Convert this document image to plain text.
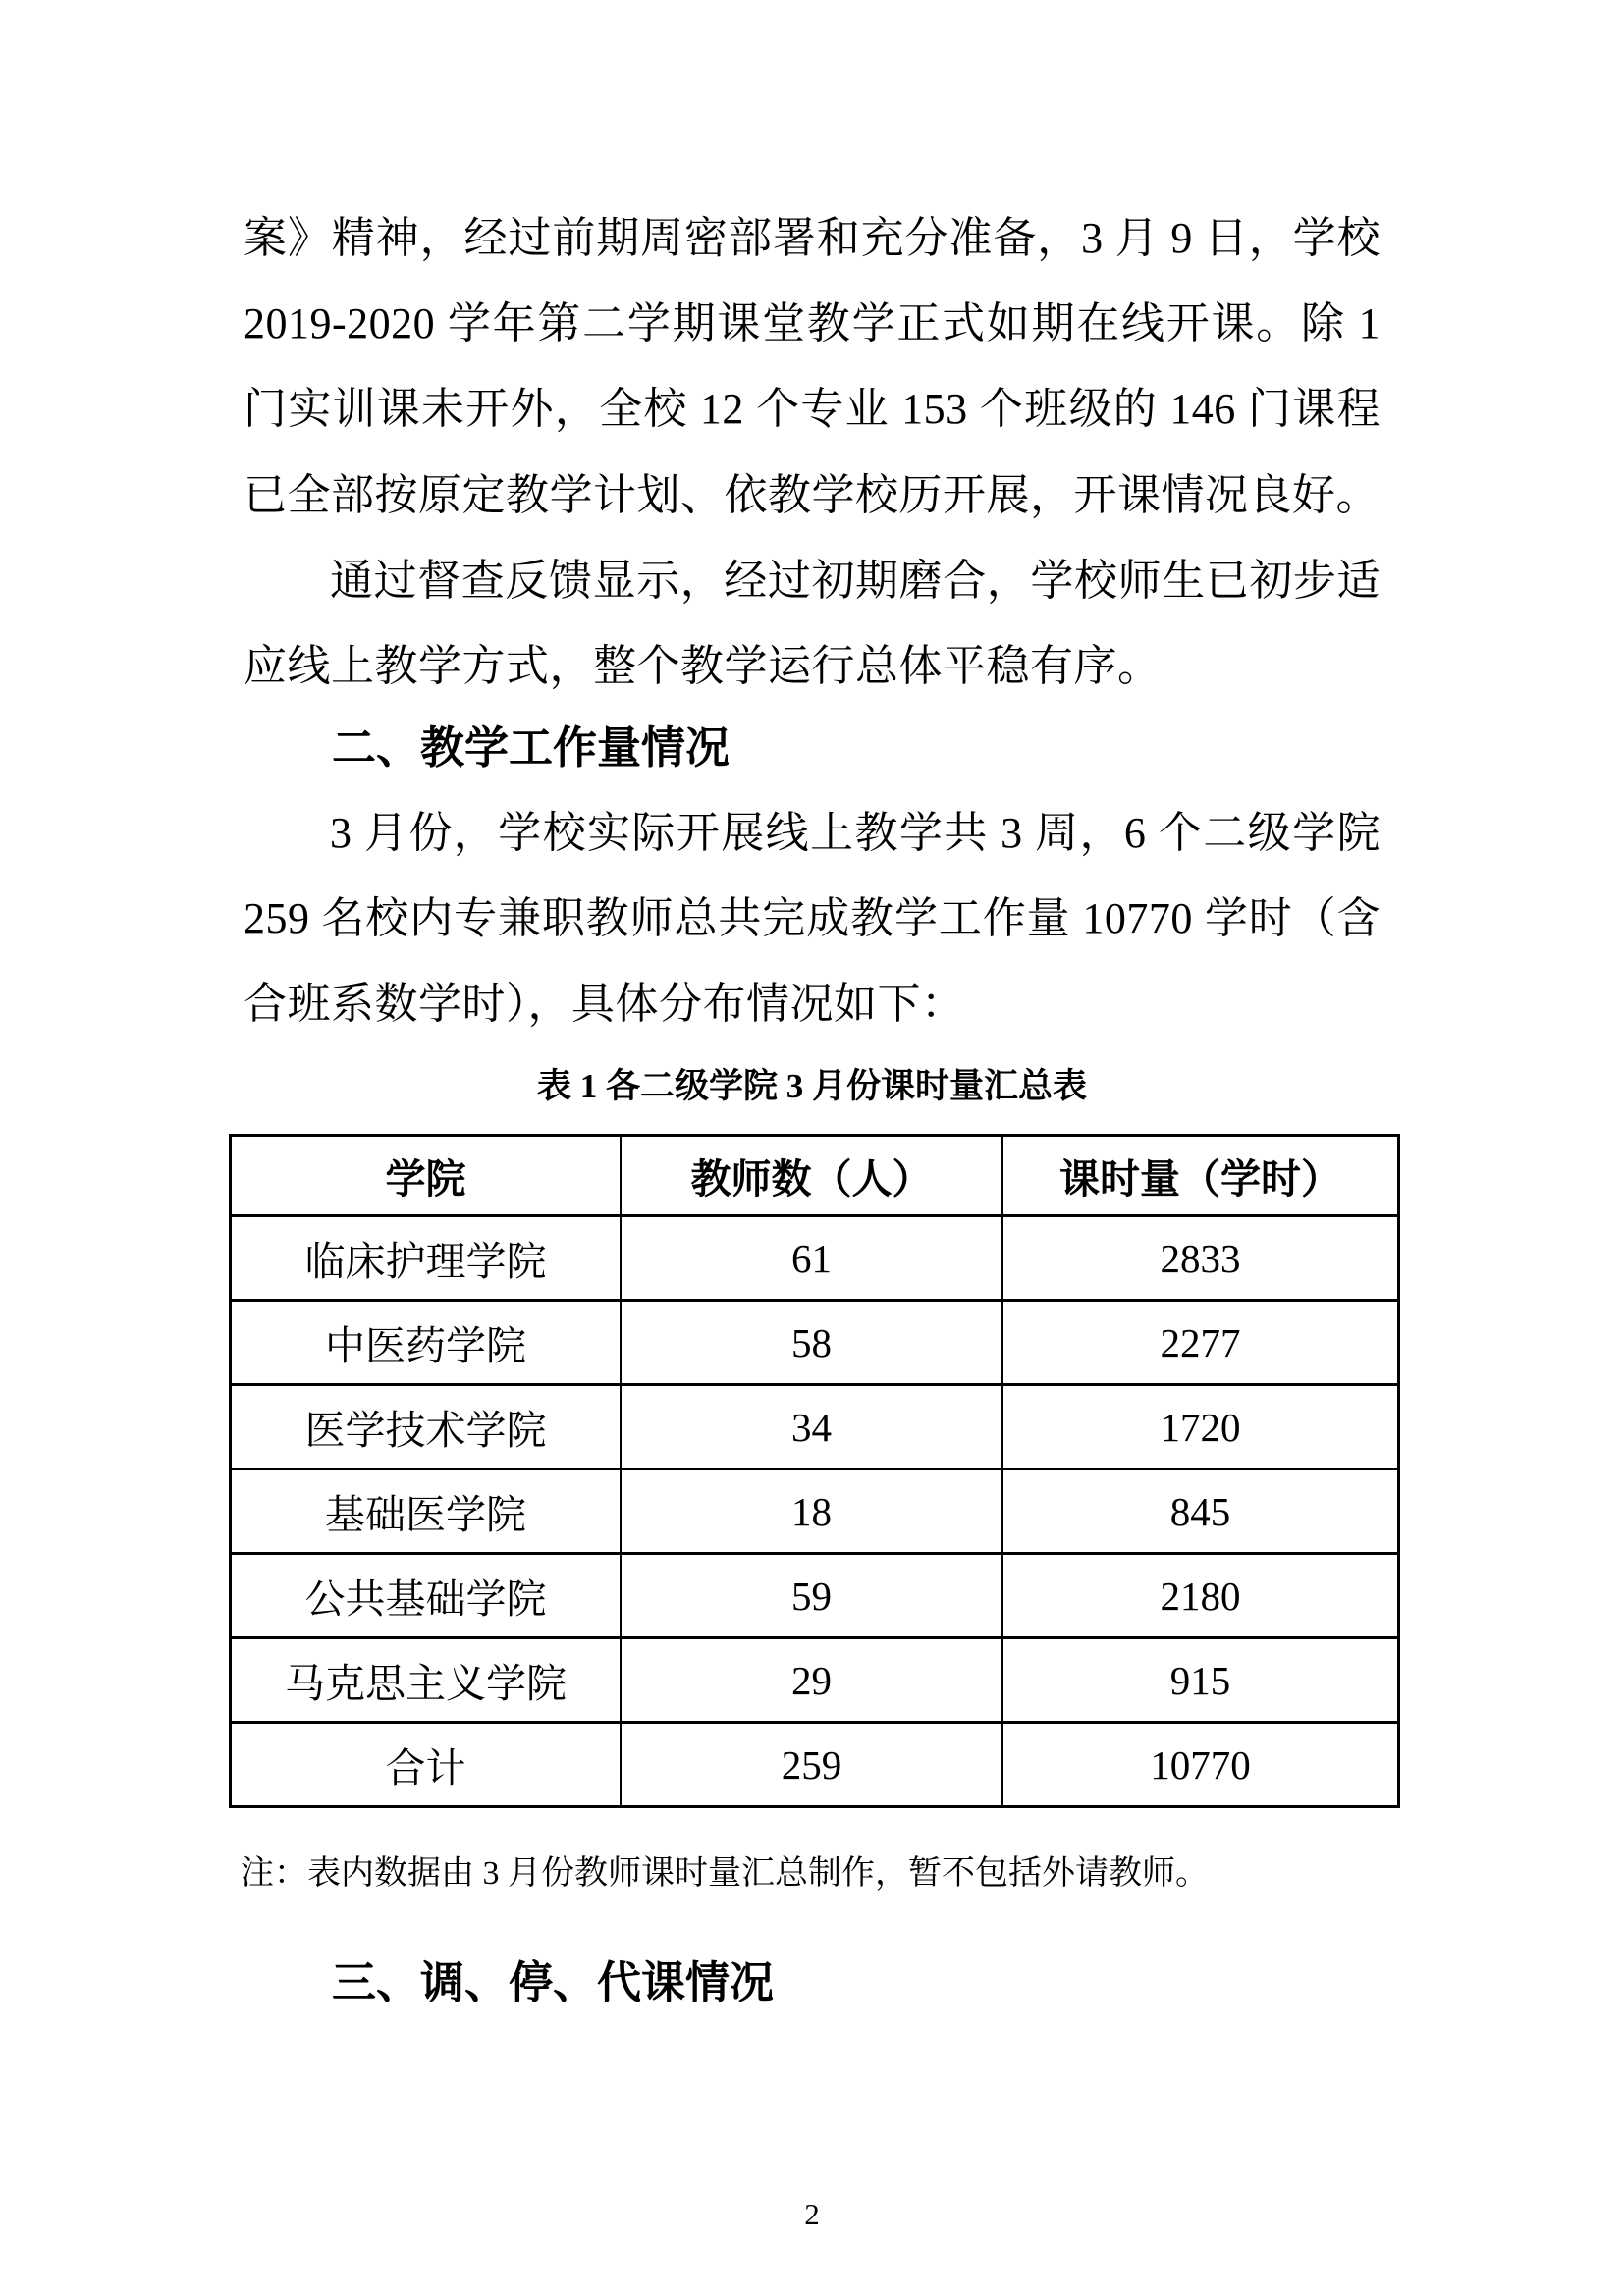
案》精神，经过前期周密部署和充分准备，3 月 9 日，学校
2019-2020 学年第二学期课堂教学正式如期在线开课。除 1
门实训课未开外，全校 12 个专业 153 个班级的 146 门课程
已全部按原定教学计划、依教学校历开展，开课情况良好。
通过督查反馈显示，经过初期磨合，学校师生已初步适
应线上教学方式，整个教学运行总体平稳有序。
二、教学工作量情况
3 月份，学校实际开展线上教学共 3 周，6 个二级学院
259 名校内专兼职教师总共完成教学工作量 10770 学时（含
合班系数学时），具体分布情况如下：
表 1 各二级学院 3 月份课时量汇总表
学院	教师数（人）	课时量（学时）
临床护理学院	61	2833
中医药学院	58	2277
医学技术学院	34	1720
基础医学院	18	845
公共基础学院	59	2180
马克思主义学院	29	915
合计	259	10770
注：表内数据由 3 月份教师课时量汇总制作，暂不包括外请教师。
三、调、停、代课情况
2
